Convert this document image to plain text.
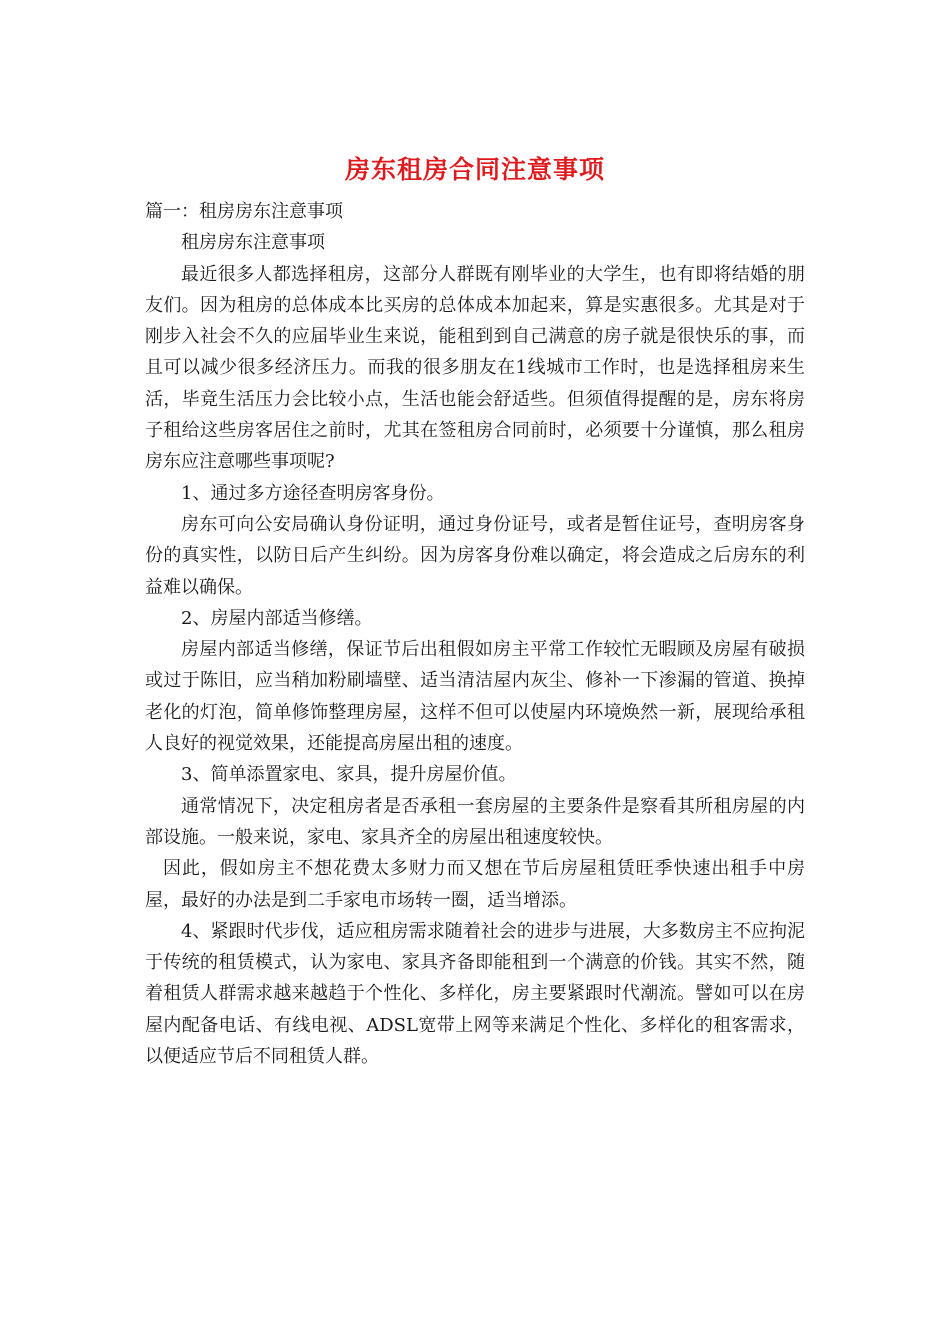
房东租房合同注意事项

篇一：租房房东注意事项

租房房东注意事项

最近很多人都选择租房，这部分人群既有刚毕业的大学生，也有即将结婚的朋友们。因为租房的总体成本比买房的总体成本加起来，算是实惠很多。尤其是对于刚步入社会不久的应届毕业生来说，能租到到自己满意的房子就是很快乐的事，而且可以减少很多经济压力。而我的很多朋友在1线城市工作时，也是选择租房来生活，毕竟生活压力会比较小点，生活也能会舒适些。但须值得提醒的是，房东将房子租给这些房客居住之前时，尤其在签租房合同前时，必须要十分谨慎，那么租房房东应注意哪些事项呢?

1、通过多方途径查明房客身份。

房东可向公安局确认身份证明，通过身份证号，或者是暂住证号，查明房客身份的真实性，以防日后产生纠纷。因为房客身份难以确定，将会造成之后房东的利益难以确保。

2、房屋内部适当修缮。

房屋内部适当修缮，保证节后出租假如房主平常工作较忙无暇顾及房屋有破损或过于陈旧，应当稍加粉刷墙壁、适当清洁屋内灰尘、修补一下渗漏的管道、换掉老化的灯泡，简单修饰整理房屋，这样不但可以使屋内环境焕然一新，展现给承租人良好的视觉效果，还能提高房屋出租的速度。

3、简单添置家电、家具，提升房屋价值。

通常情况下，决定租房者是否承租一套房屋的主要条件是察看其所租房屋的内部设施。一般来说，家电、家具齐全的房屋出租速度较快。

因此，假如房主不想花费太多财力而又想在节后房屋租赁旺季快速出租手中房屋，最好的办法是到二手家电市场转一圈，适当增添。

4、紧跟时代步伐，适应租房需求随着社会的进步与进展，大多数房主不应拘泥于传统的租赁模式，认为家电、家具齐备即能租到一个满意的价钱。其实不然，随着租赁人群需求越来越趋于个性化、多样化，房主要紧跟时代潮流。譬如可以在房屋内配备电话、有线电视、ADSL宽带上网等来满足个性化、多样化的租客需求，以便适应节后不同租赁人群。
